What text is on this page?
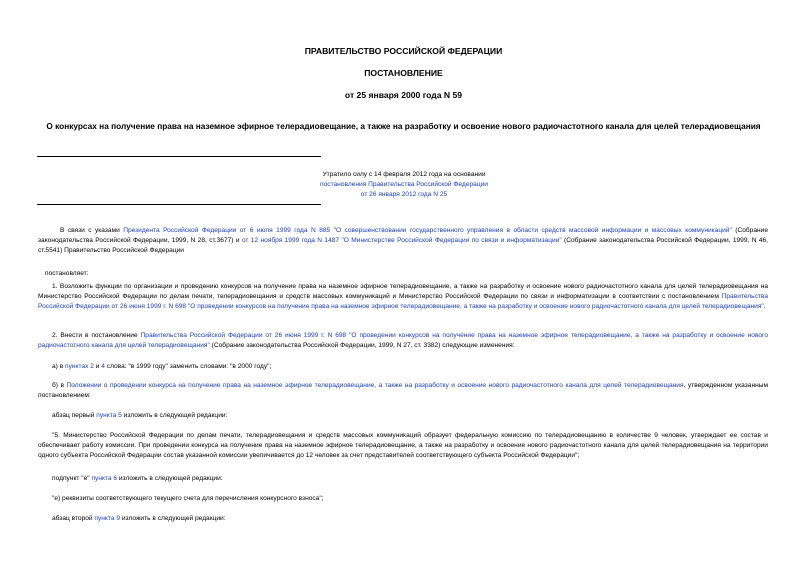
ПРАВИТЕЛЬСТВО РОССИЙСКОЙ ФЕДЕРАЦИИ
ПОСТАНОВЛЕНИЕ
от 25 января 2000 года N 59
О конкурсах на получение права на наземное эфирное телерадиовещание, а также на разработку и освоение нового радиочастотного канала для целей телерадиовещания
Утратило силу с 14 февраля 2012 года на основании
постановления Правительства Российской Федерации
от 26 января 2012 года N 25
В связи с указами Президента Российской Федерации от 6 июля 1999 года N 885 "О совершенствовании государственного управления в области средств массовой информации и массовых коммуникаций" (Собрание законодательства Российской Федерации, 1999, N 28, ст.3677) и от 12 ноября 1999 года N 1487 "О Министерстве Российской Федерации по связи и информатизации" (Собрание законодательства Российской Федерации, 1999, N 46, ст.5541) Правительство Российской Федерации
постановляет:
1. Возложить функции по организации и проведению конкурсов на получение права на наземное эфирное телерадиовещание, а также на разработку и освоение нового радиочастотного канала для целей телерадиовещания на Министерство Российской Федерации по делам печати, телерадиовещания и средств массовых коммуникаций и Министерство Российской Федерации по связи и информатизации в соответствии с постановлением Правительства Российской Федерации от 26 июня 1999 г. N 698 "О проведении конкурсов на получение права на наземное эфирное телерадиовещание, а также на разработку и освоение нового радиочастотного канала для целей телерадиовещания".
2. Внести в постановление Правительства Российской Федерации от 26 июня 1999 г. N 698 "О проведении конкурсов на получение права на наземное эфирное телерадиовещание, а также на разработку и освоение нового радиочастотного канала для целей телерадиовещания" (Собрание законодательства Российской Федерации, 1999, N 27, ст. 3382) следующие изменения:
а) в пунктах 2 и 4 слова: "в 1999 году" заменить словами: "в 2000 году";
б) в Положении о проведении конкурса на получение права на наземное эфирное телерадиовещание, а также на разработку и освоение нового радиочастотного канала для целей телерадиовещания, утвержденном указанным постановлением:
абзац первый пункта 5 изложить в следующей редакции:
"5. Министерство Российской Федерации по делам печати, телерадиовещания и средств массовых коммуникаций образует федеральную комиссию по телерадиовещанию в количестве 9 человек, утверждает ее состав и обеспечивает работу комиссии. При проведении конкурса на получение права на наземное эфирное телерадиовещание, а также на разработку и освоение нового радиочастотного канала для целей телерадиовещания на территории одного субъекта Российской Федерации состав указанной комиссии увеличивается до 12 человек за счет представителей соответствующего субъекта Российской Федерации";
подпункт "е" пункта 6 изложить в следующей редакции:
"е) реквизиты соответствующего текущего счета для перечисления конкурсного взноса";
абзац второй пункта 9 изложить в следующей редакции:
